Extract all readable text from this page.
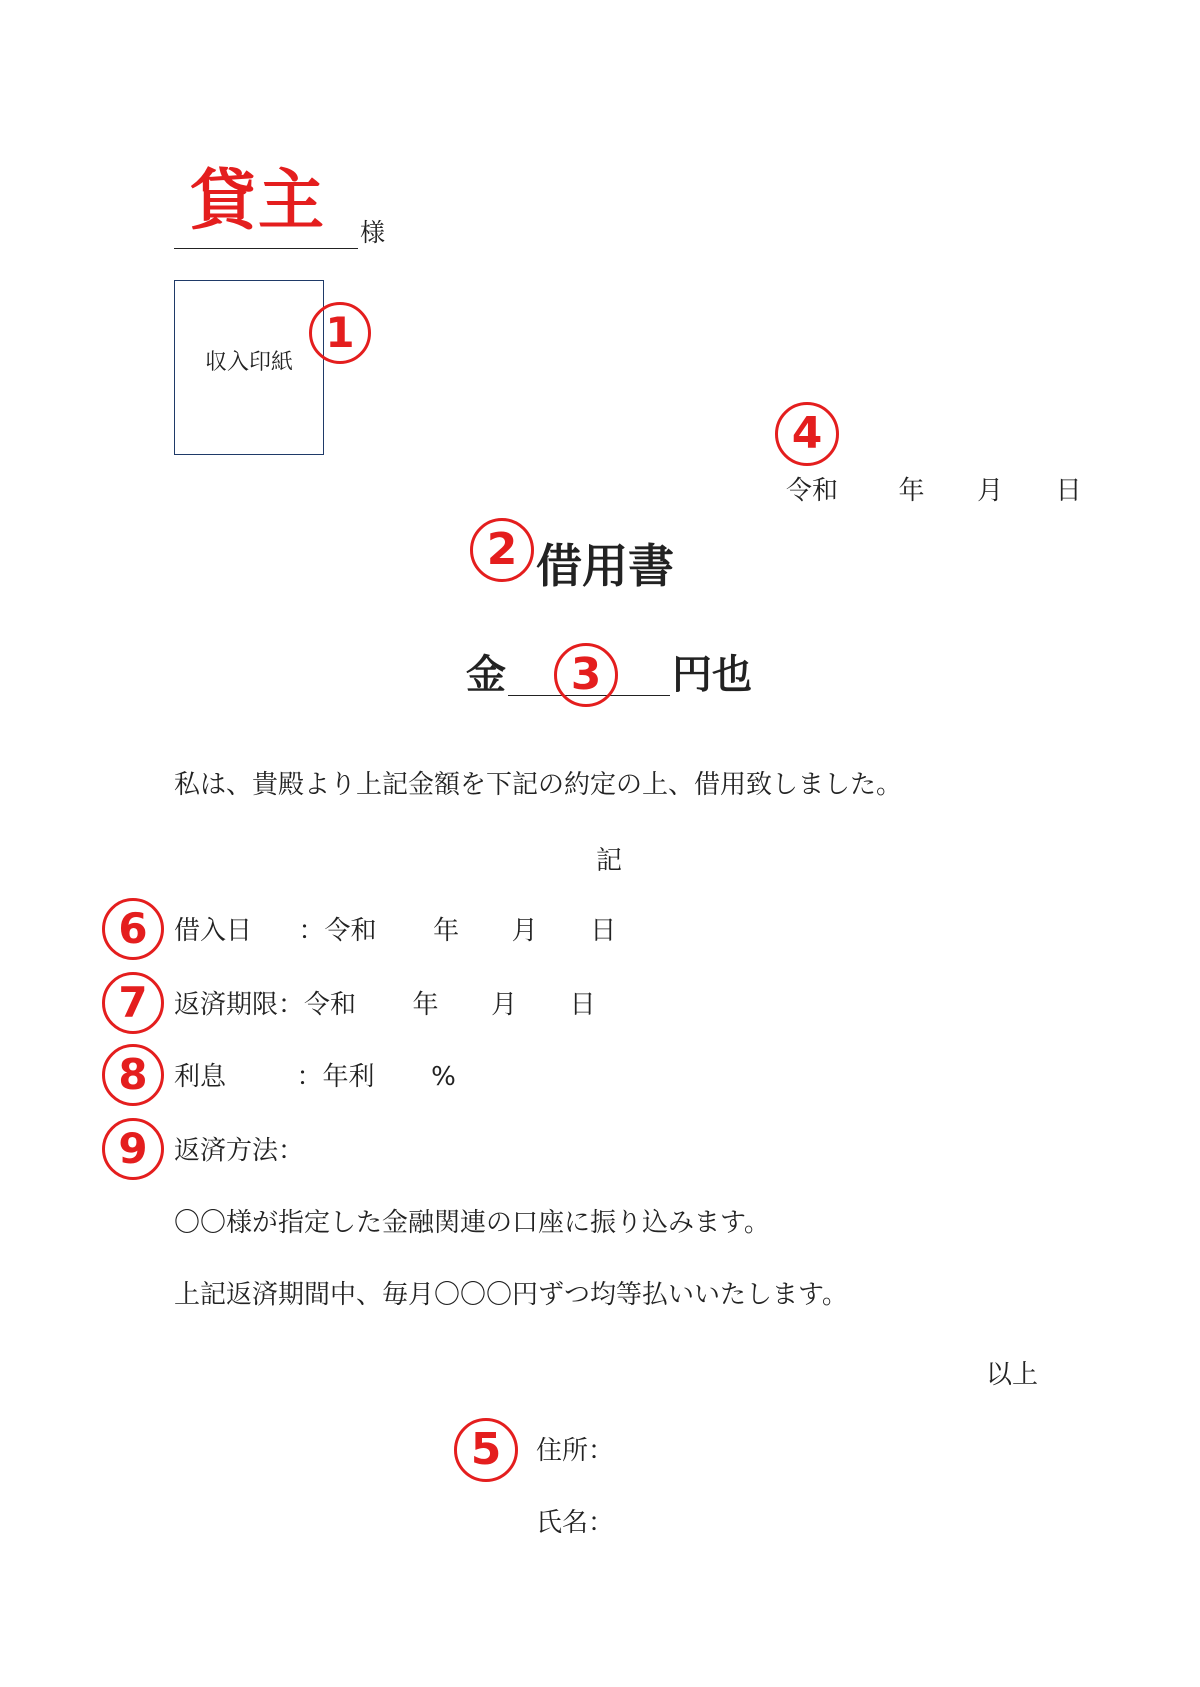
貸主 様
収入印紙
1
4
令和 年 月 日
2 借用書
金	3	円也
私は、貴殿より上記金額を下記の約定の上、借用致しました。
記
6	借入日 ：令和 年 月 日
7	返済期限：令和 年 月 日
8	利息	：年利 %
9	返済方法：
〇〇様が指定した金融関連の口座に振り込みます。
上記返済期間中、毎月〇〇〇円ずつ均等払いいたします。
以上
5	住所：
氏名：
